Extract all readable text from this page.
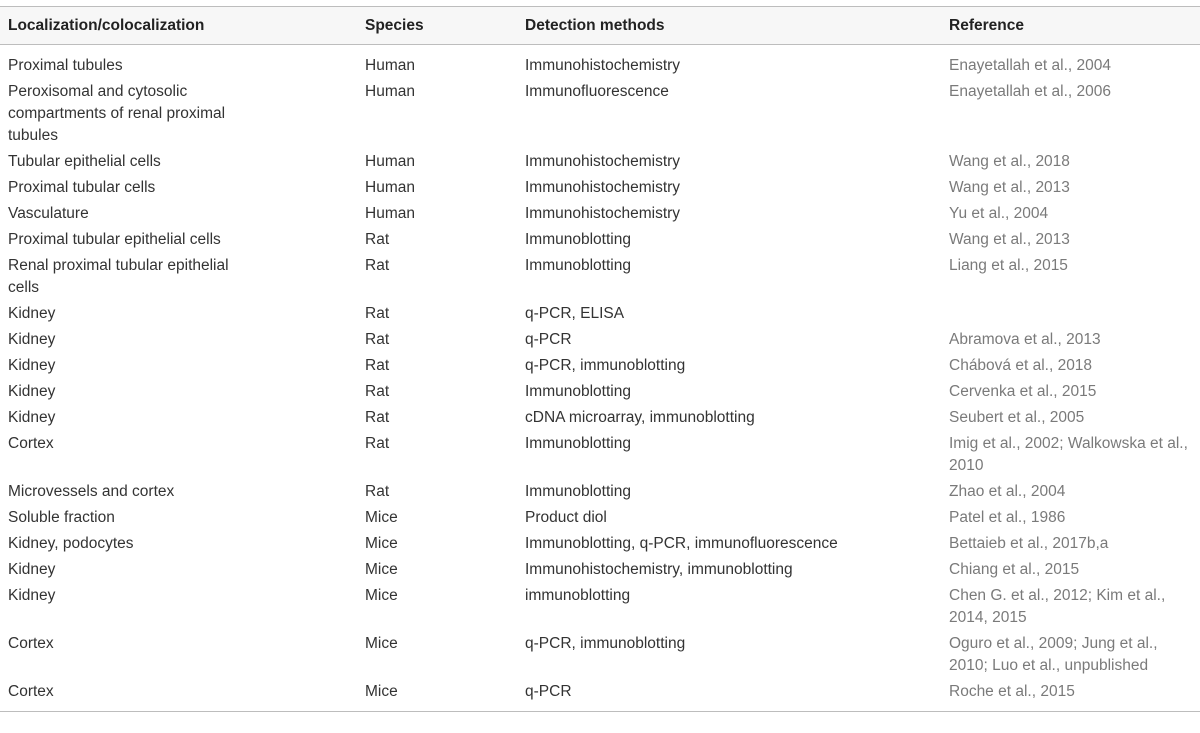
Localization/colocalization	Species	Detection methods	Reference
Proximal tubules	Human	Immunohistochemistry	Enayetallah et al., 2004
Peroxisomal and cytosolic compartments of renal proximal tubules	Human	Immunofluorescence	Enayetallah et al., 2006
Tubular epithelial cells	Human	Immunohistochemistry	Wang et al., 2018
Proximal tubular cells	Human	Immunohistochemistry	Wang et al., 2013
Vasculature	Human	Immunohistochemistry	Yu et al., 2004
Proximal tubular epithelial cells	Rat	Immunoblotting	Wang et al., 2013
Renal proximal tubular epithelial cells	Rat	Immunoblotting	Liang et al., 2015
Kidney	Rat	q-PCR, ELISA	
Kidney	Rat	q-PCR	Abramova et al., 2013
Kidney	Rat	q-PCR, immunoblotting	Chábová et al., 2018
Kidney	Rat	Immunoblotting	Cervenka et al., 2015
Kidney	Rat	cDNA microarray, immunoblotting	Seubert et al., 2005
Cortex	Rat	Immunoblotting	Imig et al., 2002; Walkowska et al., 2010
Microvessels and cortex	Rat	Immunoblotting	Zhao et al., 2004
Soluble fraction	Mice	Product diol	Patel et al., 1986
Kidney, podocytes	Mice	Immunoblotting, q-PCR, immunofluorescence	Bettaieb et al., 2017b,a
Kidney	Mice	Immunohistochemistry, immunoblotting	Chiang et al., 2015
Kidney	Mice	immunoblotting	Chen G. et al., 2012; Kim et al., 2014, 2015
Cortex	Mice	q-PCR, immunoblotting	Oguro et al., 2009; Jung et al., 2010; Luo et al., unpublished
Cortex	Mice	q-PCR	Roche et al., 2015
